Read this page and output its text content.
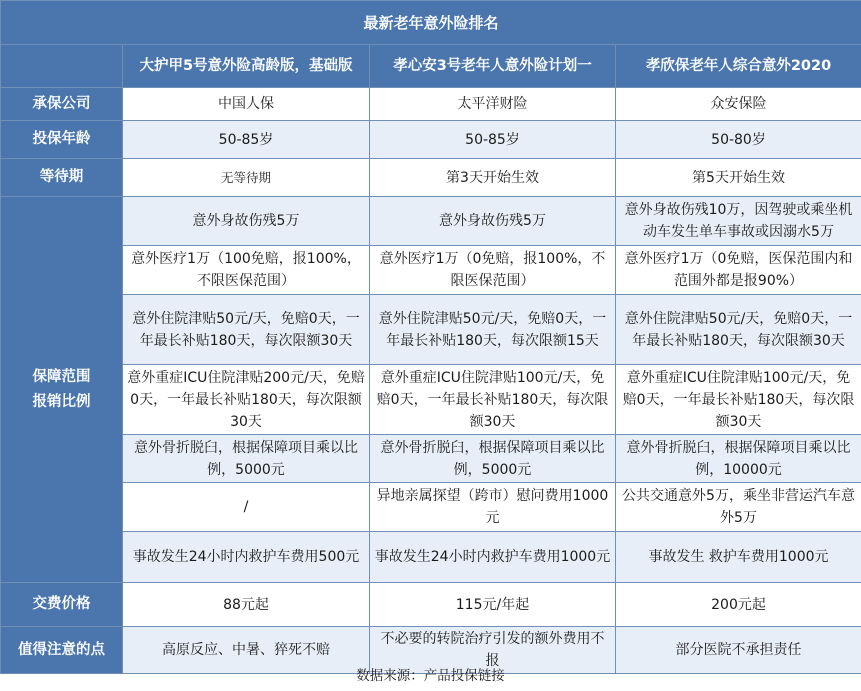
最新老年意外险排名			
	大护甲5号意外险高龄版，基础版	孝心安3号老年人意外险计划一	孝欣保老年人综合意外2020
承保公司	中国人保	太平洋财险	众安保险
投保年龄	50-85岁	50-85岁	50-80岁
等待期	无等待期	第3天开始生效	第5天开始生效

保障范围
报销比例	意外身故伤残5万	意外身故伤残5万	意外身故伤残10万，因驾驶或乘坐机动车发生单车事故或因溺水5万
	意外医疗1万（100免赔，报100%，不限医保范围）	意外医疗1万（0免赔，报100%，不限医保范围）	意外医疗1万（0免赔，医保范围内和范围外都是报90%）
	意外住院津贴50元/天，免赔0天，一年最长补贴180天，每次限额30天	意外住院津贴50元/天，免赔0天，一年最长补贴180天，每次限额15天	意外住院津贴50元/天，免赔0天，一年最长补贴180天，每次限额30天
	意外重症ICU住院津贴200元/天，免赔0天，一年最长补贴180天，每次限额30天	意外重症ICU住院津贴100元/天，免赔0天，一年最长补贴180天，每次限额30天	意外重症ICU住院津贴100元/天，免赔0天，一年最长补贴180天，每次限额30天
	意外骨折脱臼，根据保障项目乘以比例，5000元	意外骨折脱臼，根据保障项目乘以比例，5000元	意外骨折脱臼，根据保障项目乘以比例，10000元
	/	异地亲属探望（跨市）慰问费用1000元	公共交通意外5万，乘坐非营运汽车意外5万
	事故发生24小时内救护车费用500元	事故发生24小时内救护车费用1000元	事故发生 救护车费用1000元
交费价格	88元起	115元/年起	200元起
值得注意的点	高原反应、中暑、猝死不赔	不必要的转院治疗引发的额外费用不报	部分医院不承担责任
数据来源：产品投保链接
